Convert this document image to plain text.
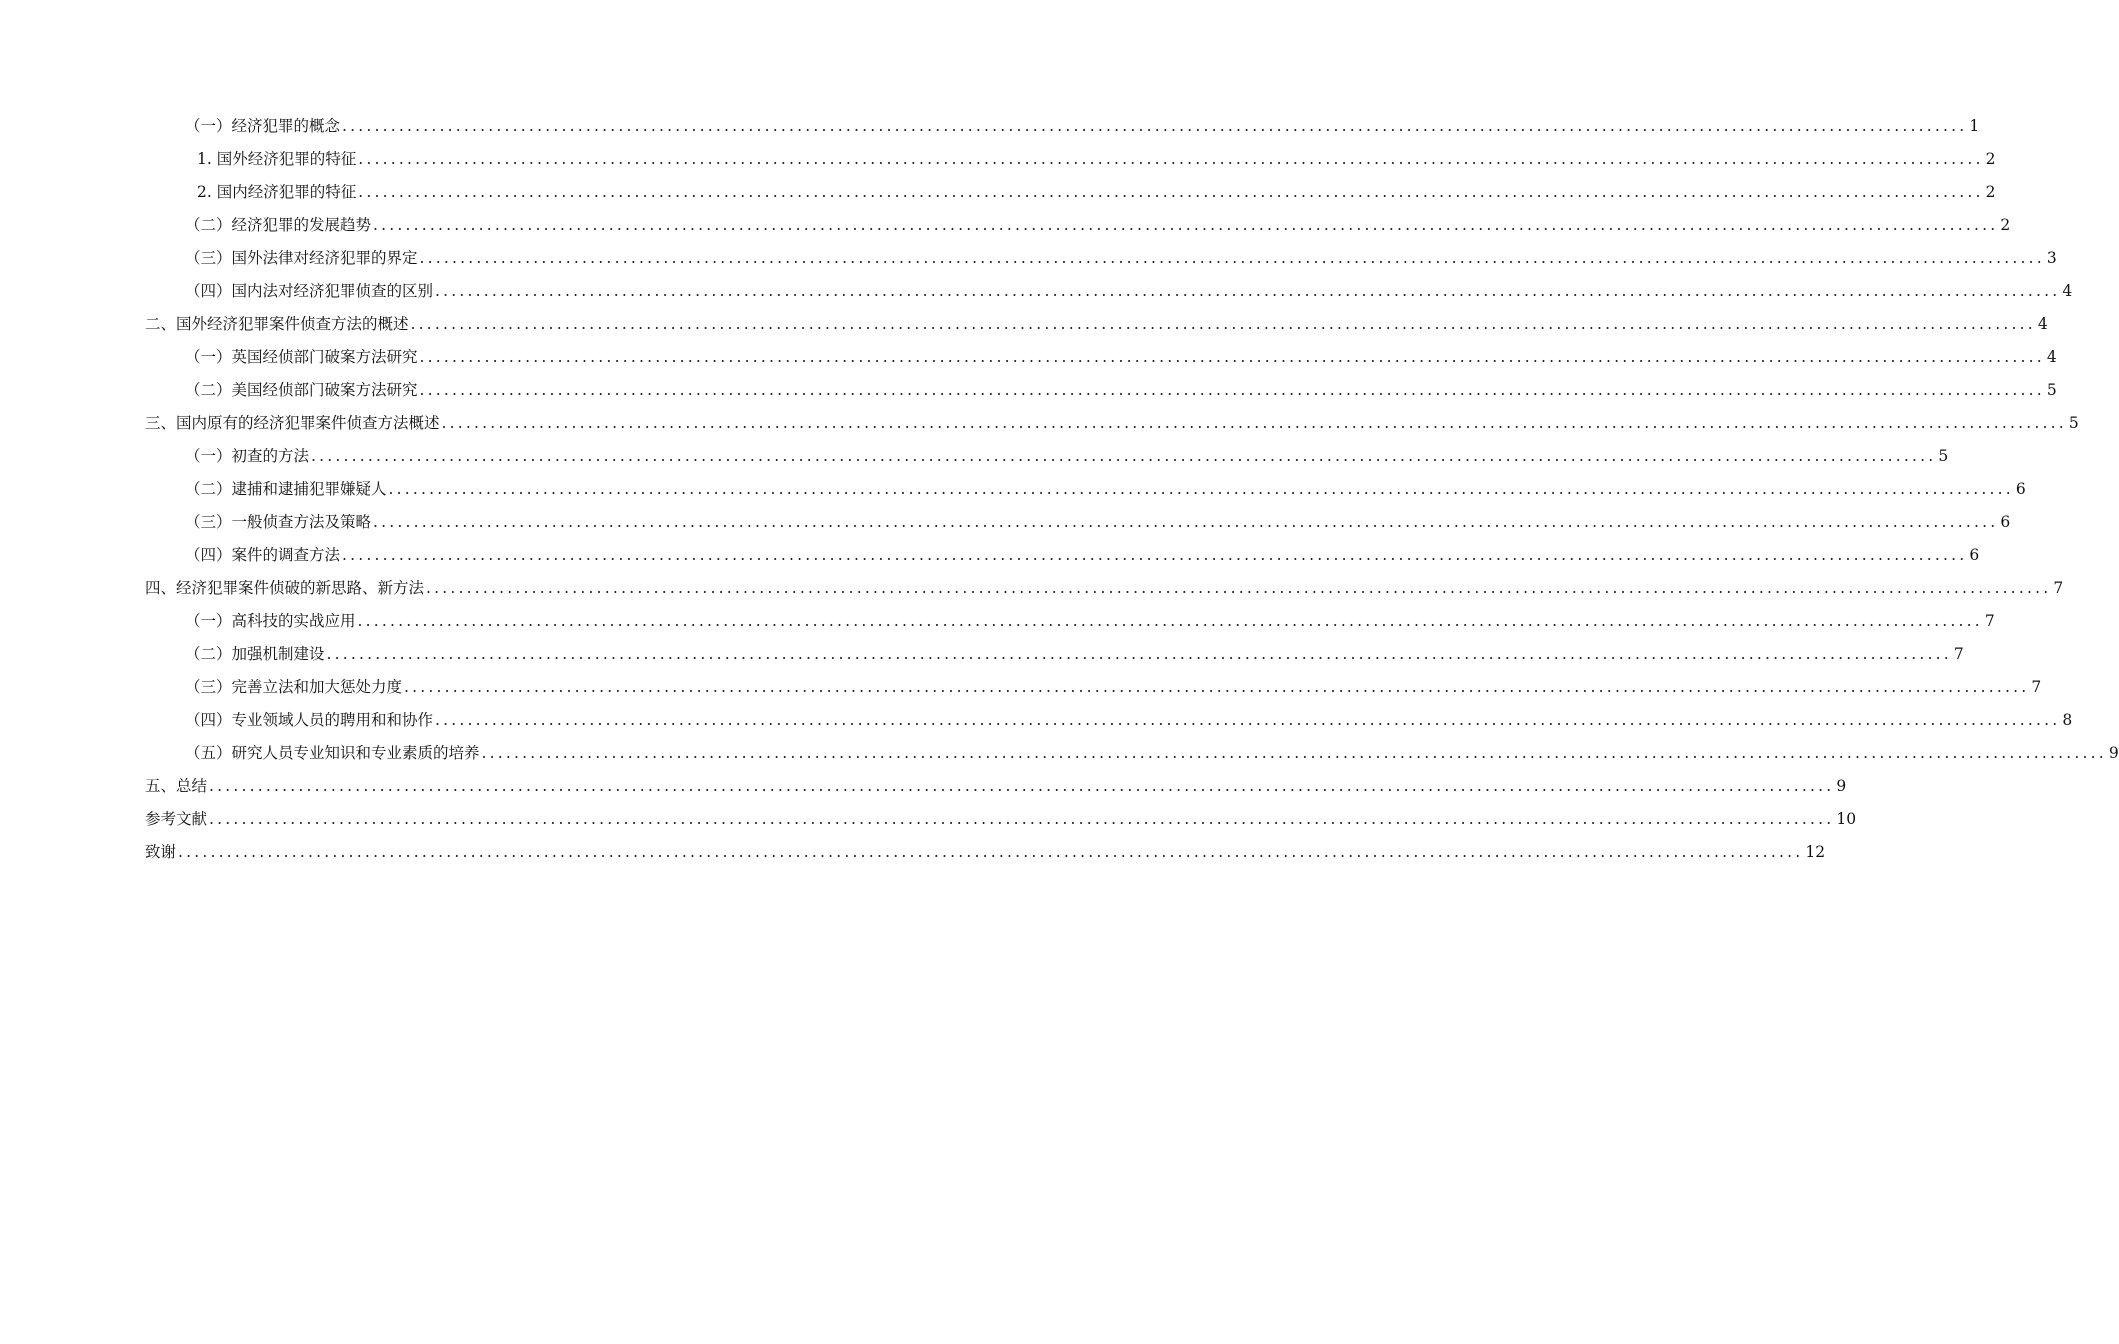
（一）经济犯罪的概念 ........................................................................................................................................................................................................ 1
1. 国外经济犯罪的特征 ........................................................................................................................................................................................................ 2
2. 国内经济犯罪的特征 ........................................................................................................................................................................................................ 2
（二）经济犯罪的发展趋势 ........................................................................................................................................................................................................ 2
（三）国外法律对经济犯罪的界定 ........................................................................................................................................................................................................ 3
（四）国内法对经济犯罪侦查的区别 ........................................................................................................................................................................................................ 4
二、国外经济犯罪案件侦查方法的概述 ........................................................................................................................................................................................................ 4
（一）英国经侦部门破案方法研究 ........................................................................................................................................................................................................ 4
（二）美国经侦部门破案方法研究 ........................................................................................................................................................................................................ 5
三、国内原有的经济犯罪案件侦查方法概述 ........................................................................................................................................................................................................ 5
（一）初查的方法 ........................................................................................................................................................................................................ 5
（二）逮捕和逮捕犯罪嫌疑人 ........................................................................................................................................................................................................ 6
（三）一般侦查方法及策略 ........................................................................................................................................................................................................ 6
（四）案件的调查方法 ........................................................................................................................................................................................................ 6
四、经济犯罪案件侦破的新思路、新方法 ........................................................................................................................................................................................................ 7
（一）高科技的实战应用 ........................................................................................................................................................................................................ 7
（二）加强机制建设 ........................................................................................................................................................................................................ 7
（三）完善立法和加大惩处力度 ........................................................................................................................................................................................................ 7
（四）专业领域人员的聘用和和协作 ........................................................................................................................................................................................................ 8
（五）研究人员专业知识和专业素质的培养 ........................................................................................................................................................................................................ 9
五、总结 ........................................................................................................................................................................................................ 9
参考文献 ........................................................................................................................................................................................................ 10
致谢 ........................................................................................................................................................................................................ 12
